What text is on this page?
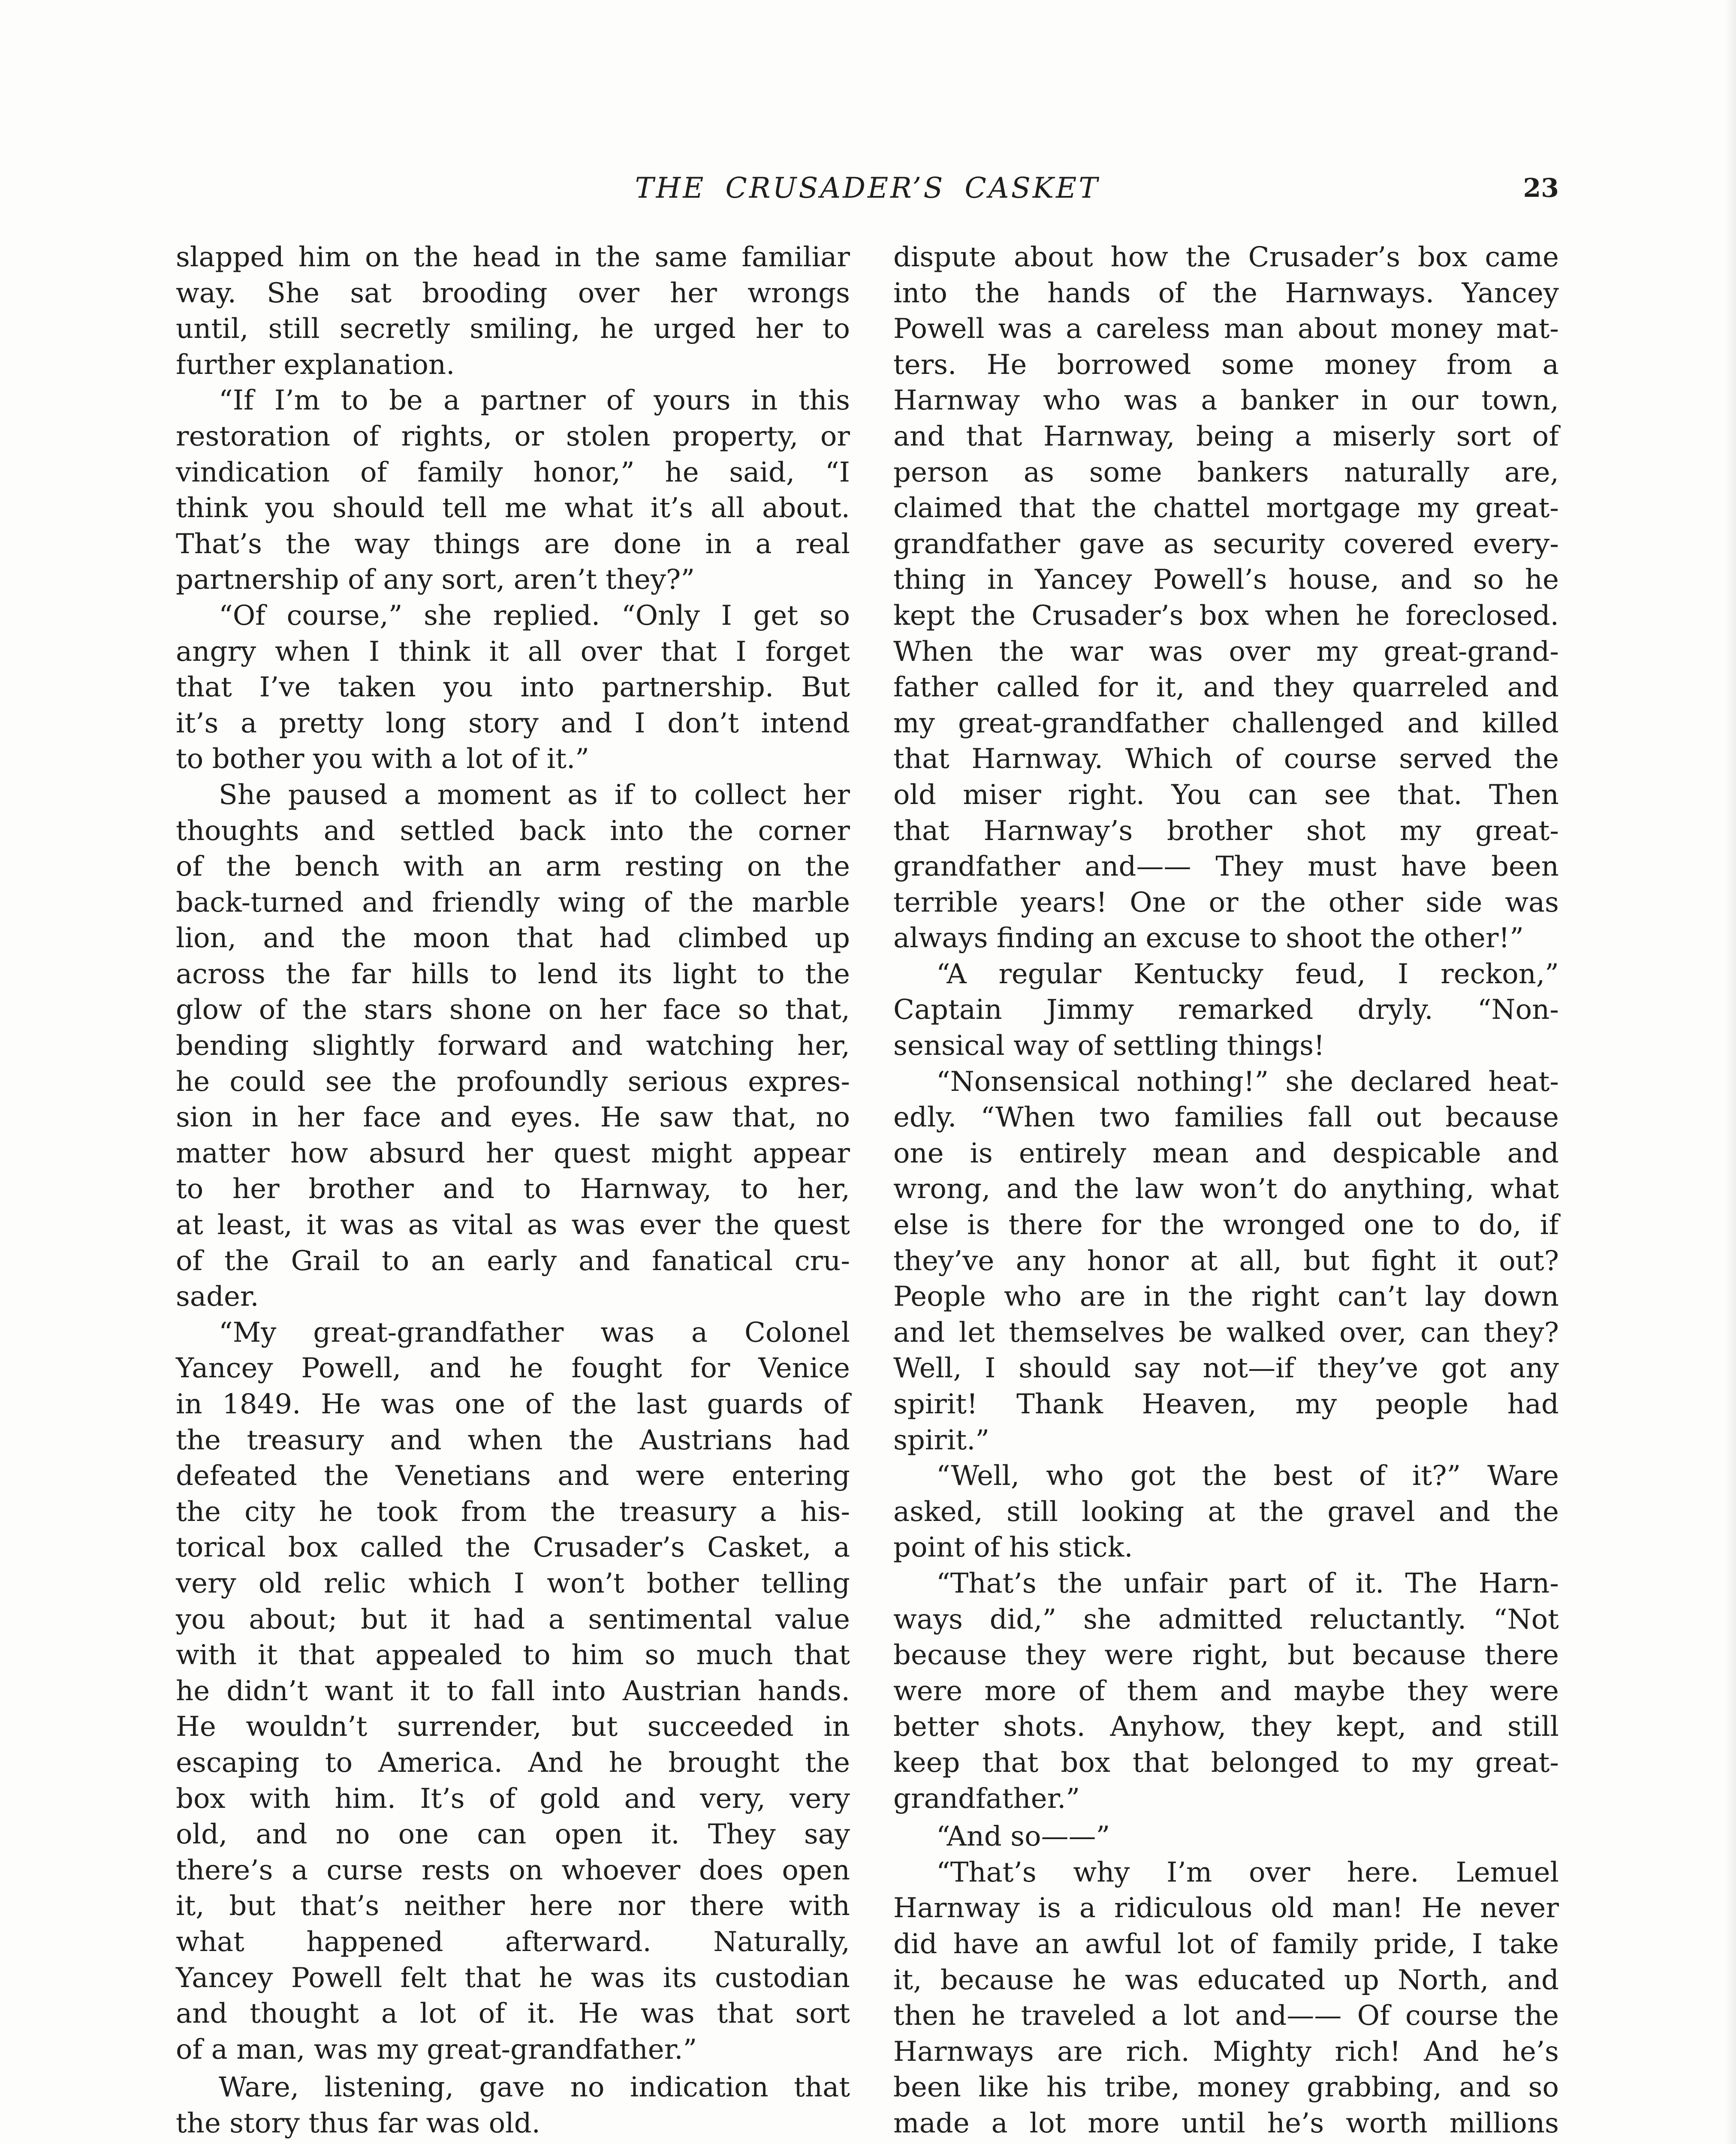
THE CRUSADER’S CASKET	23
slapped him on the head in the same familiar
way. She sat brooding over her wrongs
until, still secretly smiling, he urged her to
further explanation.
“If I’m to be a partner of yours in this
restoration of rights, or stolen property, or
vindication of family honor,” he said, “I
think you should tell me what it’s all about.
That’s the way things are done in a real
partnership of any sort, aren’t they?”
“Of course,” she replied. “Only I get so
angry when I think it all over that I forget
that I’ve taken you into partnership. But
it’s a pretty long story and I don’t intend
to bother you with a lot of it.”
She paused a moment as if to collect her
thoughts and settled back into the corner
of the bench with an arm resting on the
back-turned and friendly wing of the marble
lion, and the moon that had climbed up
across the far hills to lend its light to the
glow of the stars shone on her face so that,
bending slightly forward and watching her,
he could see the profoundly serious expres-
sion in her face and eyes. He saw that, no
matter how absurd her quest might appear
to her brother and to Harnway, to her,
at least, it was as vital as was ever the quest
of the Grail to an early and fanatical cru-
sader.
“My great-grandfather was a Colonel
Yancey Powell, and he fought for Venice
in 1849. He was one of the last guards of
the treasury and when the Austrians had
defeated the Venetians and were entering
the city he took from the treasury a his-
torical box called the Crusader’s Casket, a
very old relic which I won’t bother telling
you about; but it had a sentimental value
with it that appealed to him so much that
he didn’t want it to fall into Austrian hands.
He wouldn’t surrender, but succeeded in
escaping to America. And he brought the
box with him. It’s of gold and very, very
old, and no one can open it. They say
there’s a curse rests on whoever does open
it, but that’s neither here nor there with
what happened afterward. Naturally,
Yancey Powell felt that he was its custodian
and thought a lot of it. He was that sort
of a man, was my great-grandfather.”
Ware, listening, gave no indication that
the story thus far was old.
dispute about how the Crusader’s box came
into the hands of the Harnways. Yancey
Powell was a careless man about money mat-
ters. He borrowed some money from a
Harnway who was a banker in our town,
and that Harnway, being a miserly sort of
person as some bankers naturally are,
claimed that the chattel mortgage my great-
grandfather gave as security covered every-
thing in Yancey Powell’s house, and so he
kept the Crusader’s box when he foreclosed.
When the war was over my great-grand-
father called for it, and they quarreled and
my great-grandfather challenged and killed
that Harnway. Which of course served the
old miser right. You can see that. Then
that Harnway’s brother shot my great-
grandfather and—— They must have been
terrible years! One or the other side was
always finding an excuse to shoot the other!”
“A regular Kentucky feud, I reckon,”
Captain Jimmy remarked dryly. “Non-
sensical way of settling things!
“Nonsensical nothing!” she declared heat-
edly. “When two families fall out because
one is entirely mean and despicable and
wrong, and the law won’t do anything, what
else is there for the wronged one to do, if
they’ve any honor at all, but fight it out?
People who are in the right can’t lay down
and let themselves be walked over, can they?
Well, I should say not—if they’ve got any
spirit! Thank Heaven, my people had
spirit.”
“Well, who got the best of it?” Ware
asked, still looking at the gravel and the
point of his stick.
“That’s the unfair part of it. The Harn-
ways did,” she admitted reluctantly. “Not
because they were right, but because there
were more of them and maybe they were
better shots. Anyhow, they kept, and still
keep that box that belonged to my great-
grandfather.”
“And so——”
“That’s why I’m over here. Lemuel
Harnway is a ridiculous old man! He never
did have an awful lot of family pride, I take
it, because he was educated up North, and
then he traveled a lot and—— Of course the
Harnways are rich. Mighty rich! And he’s
been like his tribe, money grabbing, and so
made a lot more until he’s worth millions
